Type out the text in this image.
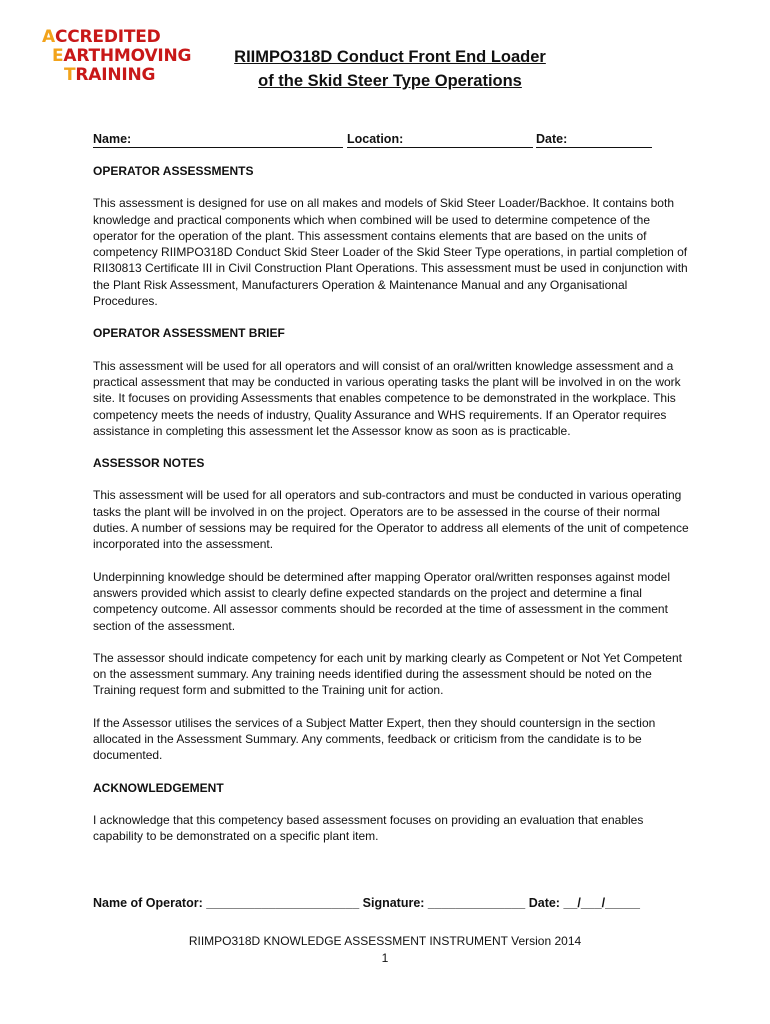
ACCREDITED
EARTHMOVING
TRAINING
RIIMPO318D Conduct Front End Loader
of the Skid Steer Type Operations
Name:	Location:	Date:
OPERATOR ASSESSMENTS
This assessment is designed for use on all makes and models of Skid Steer Loader/Backhoe. It contains both knowledge and practical components which when combined will be used to determine competence of the operator for the operation of the plant. This assessment contains elements that are based on the units of competency RIIMPO318D Conduct Skid Steer Loader of the Skid Steer Type operations, in partial completion of RII30813 Certificate III in Civil Construction Plant Operations. This assessment must be used in conjunction with the Plant Risk Assessment, Manufacturers Operation & Maintenance Manual and any Organisational Procedures.
OPERATOR ASSESSMENT BRIEF
This assessment will be used for all operators and will consist of an oral/written knowledge assessment and a practical assessment that may be conducted in various operating tasks the plant will be involved in on the work site. It focuses on providing Assessments that enables competence to be demonstrated in the workplace. This competency meets the needs of industry, Quality Assurance and WHS requirements. If an Operator requires assistance in completing this assessment let the Assessor know as soon as is practicable.
ASSESSOR NOTES
This assessment will be used for all operators and sub-contractors and must be conducted in various operating tasks the plant will be involved in on the project. Operators are to be assessed in the course of their normal duties. A number of sessions may be required for the Operator to address all elements of the unit of competence incorporated into the assessment.
Underpinning knowledge should be determined after mapping Operator oral/written responses against model answers provided which assist to clearly define expected standards on the project and determine a final competency outcome. All assessor comments should be recorded at the time of assessment in the comment section of the assessment.
The assessor should indicate competency for each unit by marking clearly as Competent or Not Yet Competent on the assessment summary. Any training needs identified during the assessment should be noted on the Training request form and submitted to the Training unit for action.
If the Assessor utilises the services of a Subject Matter Expert, then they should countersign in the section allocated in the Assessment Summary. Any comments, feedback or criticism from the candidate is to be documented.
ACKNOWLEDGEMENT
I acknowledge that this competency based assessment focuses on providing an evaluation that enables capability to be demonstrated on a specific plant item.
Name of Operator: ______________________ Signature: ______________ Date: __/___/_____
RIIMPO318D KNOWLEDGE ASSESSMENT INSTRUMENT Version 2014
1
